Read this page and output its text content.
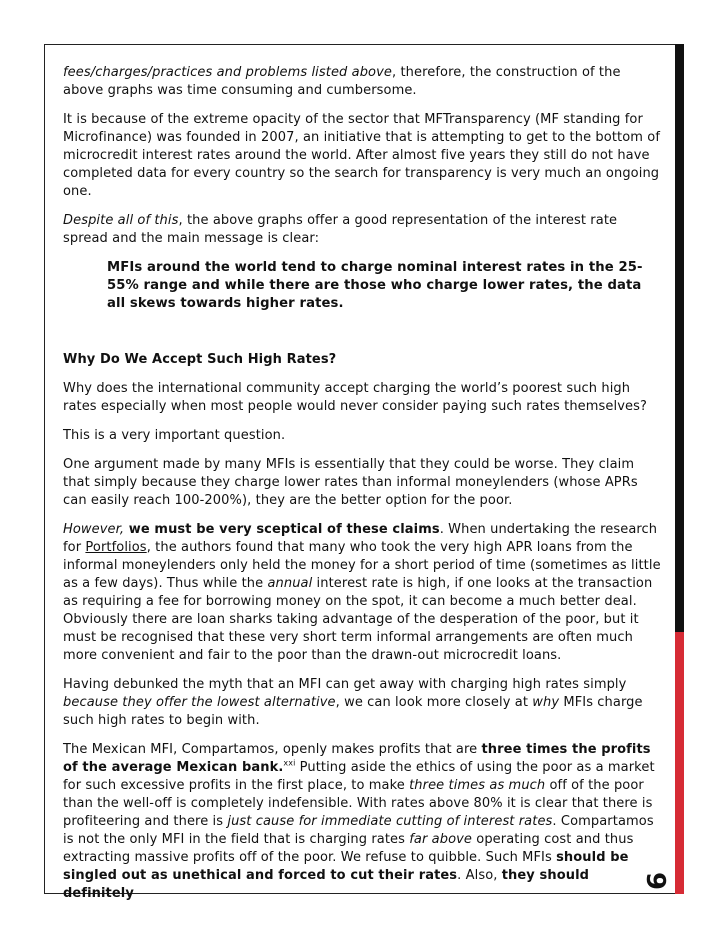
9

fees/charges/practices and problems listed above, therefore, the construction of the above graphs was time consuming and cumbersome.

It is because of the extreme opacity of the sector that MFTransparency (MF standing for Microfinance) was founded in 2007, an initiative that is attempting to get to the bottom of microcredit interest rates around the world. After almost five years they still do not have completed data for every country so the search for transparency is very much an ongoing one.

Despite all of this, the above graphs offer a good representation of the interest rate spread and the main message is clear:

MFIs around the world tend to charge nominal interest rates in the 25-55% range and while there are those who charge lower rates, the data all skews towards higher rates.
Why Do We Accept Such High Rates?

Why does the international community accept charging the world’s poorest such high rates especially when most people would never consider paying such rates themselves?

This is a very important question.

One argument made by many MFIs is essentially that they could be worse. They claim that simply because they charge lower rates than informal moneylenders (whose APRs can easily reach 100-200%), they are the better option for the poor.

However, we must be very sceptical of these claims. When undertaking the research for Portfolios, the authors found that many who took the very high APR loans from the informal moneylenders only held the money for a short period of time (sometimes as little as a few days). Thus while the annual interest rate is high, if one looks at the transaction as requiring a fee for borrowing money on the spot, it can become a much better deal. Obviously there are loan sharks taking advantage of the desperation of the poor, but it must be recognised that these very short term informal arrangements are often much more convenient and fair to the poor than the drawn-out microcredit loans.

Having debunked the myth that an MFI can get away with charging high rates simply because they offer the lowest alternative, we can look more closely at why MFIs charge such high rates to begin with.

The Mexican MFI, Compartamos, openly makes profits that are three times the profits of the average Mexican bank.$^{xxi}$ Putting aside the ethics of using the poor as a market for such excessive profits in the first place, to make three times as much off of the poor than the well-off is completely indefensible. With rates above 80% it is clear that there is profiteering and there is just cause for immediate cutting of interest rates. Compartamos is not the only MFI in the field that is charging rates far above operating cost and thus extracting massive profits off of the poor. We refuse to quibble. Such MFIs should be singled out as unethical and forced to cut their rates. Also, they should definitely
